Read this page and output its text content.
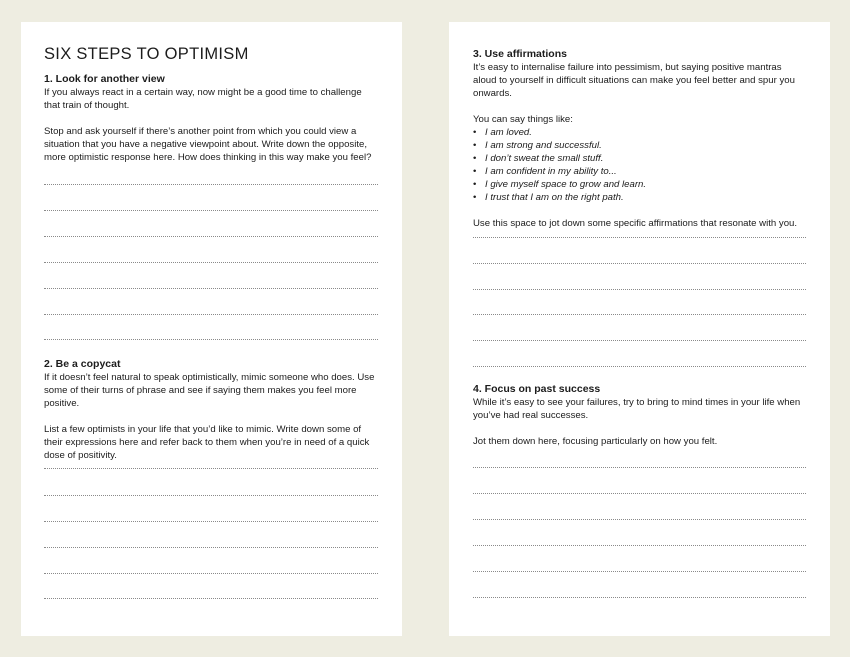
SIX STEPS TO OPTIMISM
1. Look for another view

If you always react in a certain way, now might be a good time to challenge that train of thought.

Stop and ask yourself if there’s another point from which you could view a situation that you have a negative viewpoint about. Write down the opposite, more optimistic response here. How does thinking in this way make you feel?

2. Be a copycat

If it doesn’t feel natural to speak optimistically, mimic someone who does. Use some of their turns of phrase and see if saying them makes you feel more positive.

List a few optimists in your life that you’d like to mimic. Write down some of their expressions here and refer back to them when you’re in need of a quick dose of positivity.

3. Use affirmations

It’s easy to internalise failure into pessimism, but saying positive mantras aloud to yourself in difficult situations can make you feel better and spur you onwards.

You can say things like:

• I am loved.
• I am strong and successful.
• I don’t sweat the small stuff.
• I am confident in my ability to...
• I give myself space to grow and learn.
• I trust that I am on the right path.

Use this space to jot down some specific affirmations that resonate with you.

4. Focus on past success

While it’s easy to see your failures, try to bring to mind times in your life when you’ve had real successes.

Jot them down here, focusing particularly on how you felt.
